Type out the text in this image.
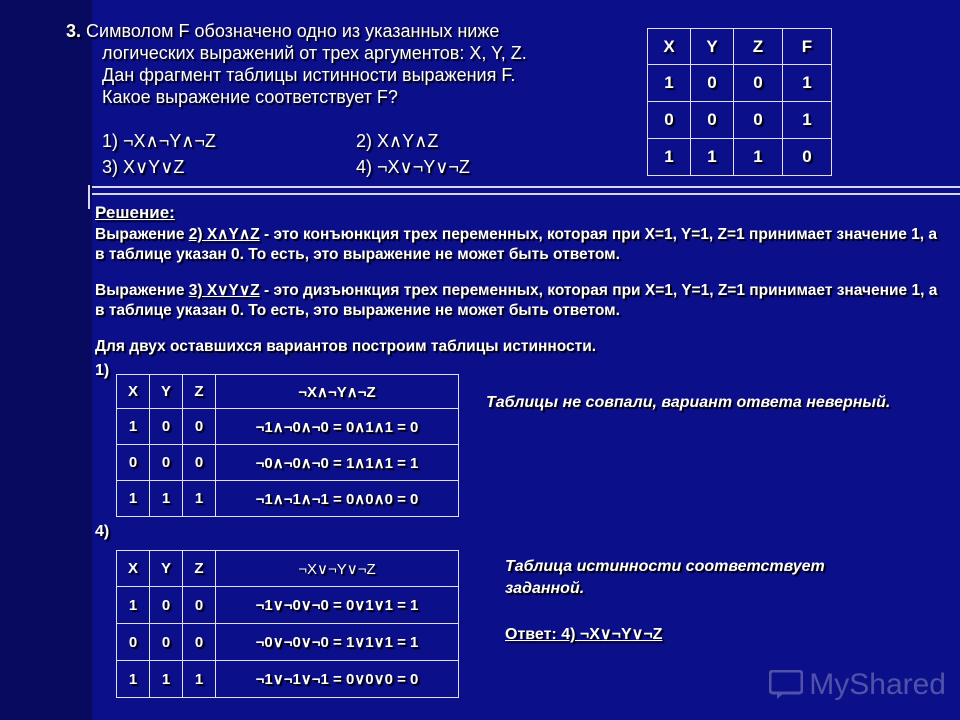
3. Символом F обозначено одно из указанных ниже
логических выражений от трех аргументов: X, Y, Z.
Дан фрагмент таблицы истинности выражения F.
Какое выражение соответствует F?
1) ¬X∧¬Y∧¬Z	2) X∧Y∧Z
3) X∨Y∨Z	4) ¬X∨¬Y∨¬Z
X	Y	Z	F
1	0	0	1
0	0	0	1
1	1	1	0
Решение:
Выражение 2) X∧Y∧Z - это конъюнкция трех переменных, которая при X=1, Y=1, Z=1 принимает значение 1, а в таблице указан 0. То есть, это выражение не может быть ответом.
Выражение 3) X∨Y∨Z - это дизъюнкция трех переменных, которая при X=1, Y=1, Z=1 принимает значение 1, а в таблице указан 0. То есть, это выражение не может быть ответом.
Для двух оставшихся вариантов построим таблицы истинности.
1)
4)
X	Y	Z	¬X∧¬Y∧¬Z
1	0	0	¬1∧¬0∧¬0 = 0∧1∧1 = 0
0	0	0	¬0∧¬0∧¬0 = 1∧1∧1 = 1
1	1	1	¬1∧¬1∧¬1 = 0∧0∧0 = 0
Таблицы не совпали, вариант ответа неверный.
X	Y	Z	¬X∨¬Y∨¬Z
1	0	0	¬1∨¬0∨¬0 = 0∨1∨1 = 1
0	0	0	¬0∨¬0∨¬0 = 1∨1∨1 = 1
1	1	1	¬1∨¬1∨¬1 = 0∨0∨0 = 0
Таблица истинности соответствует
заданной.
Ответ: 4) ¬X∨¬Y∨¬Z
MyShared
